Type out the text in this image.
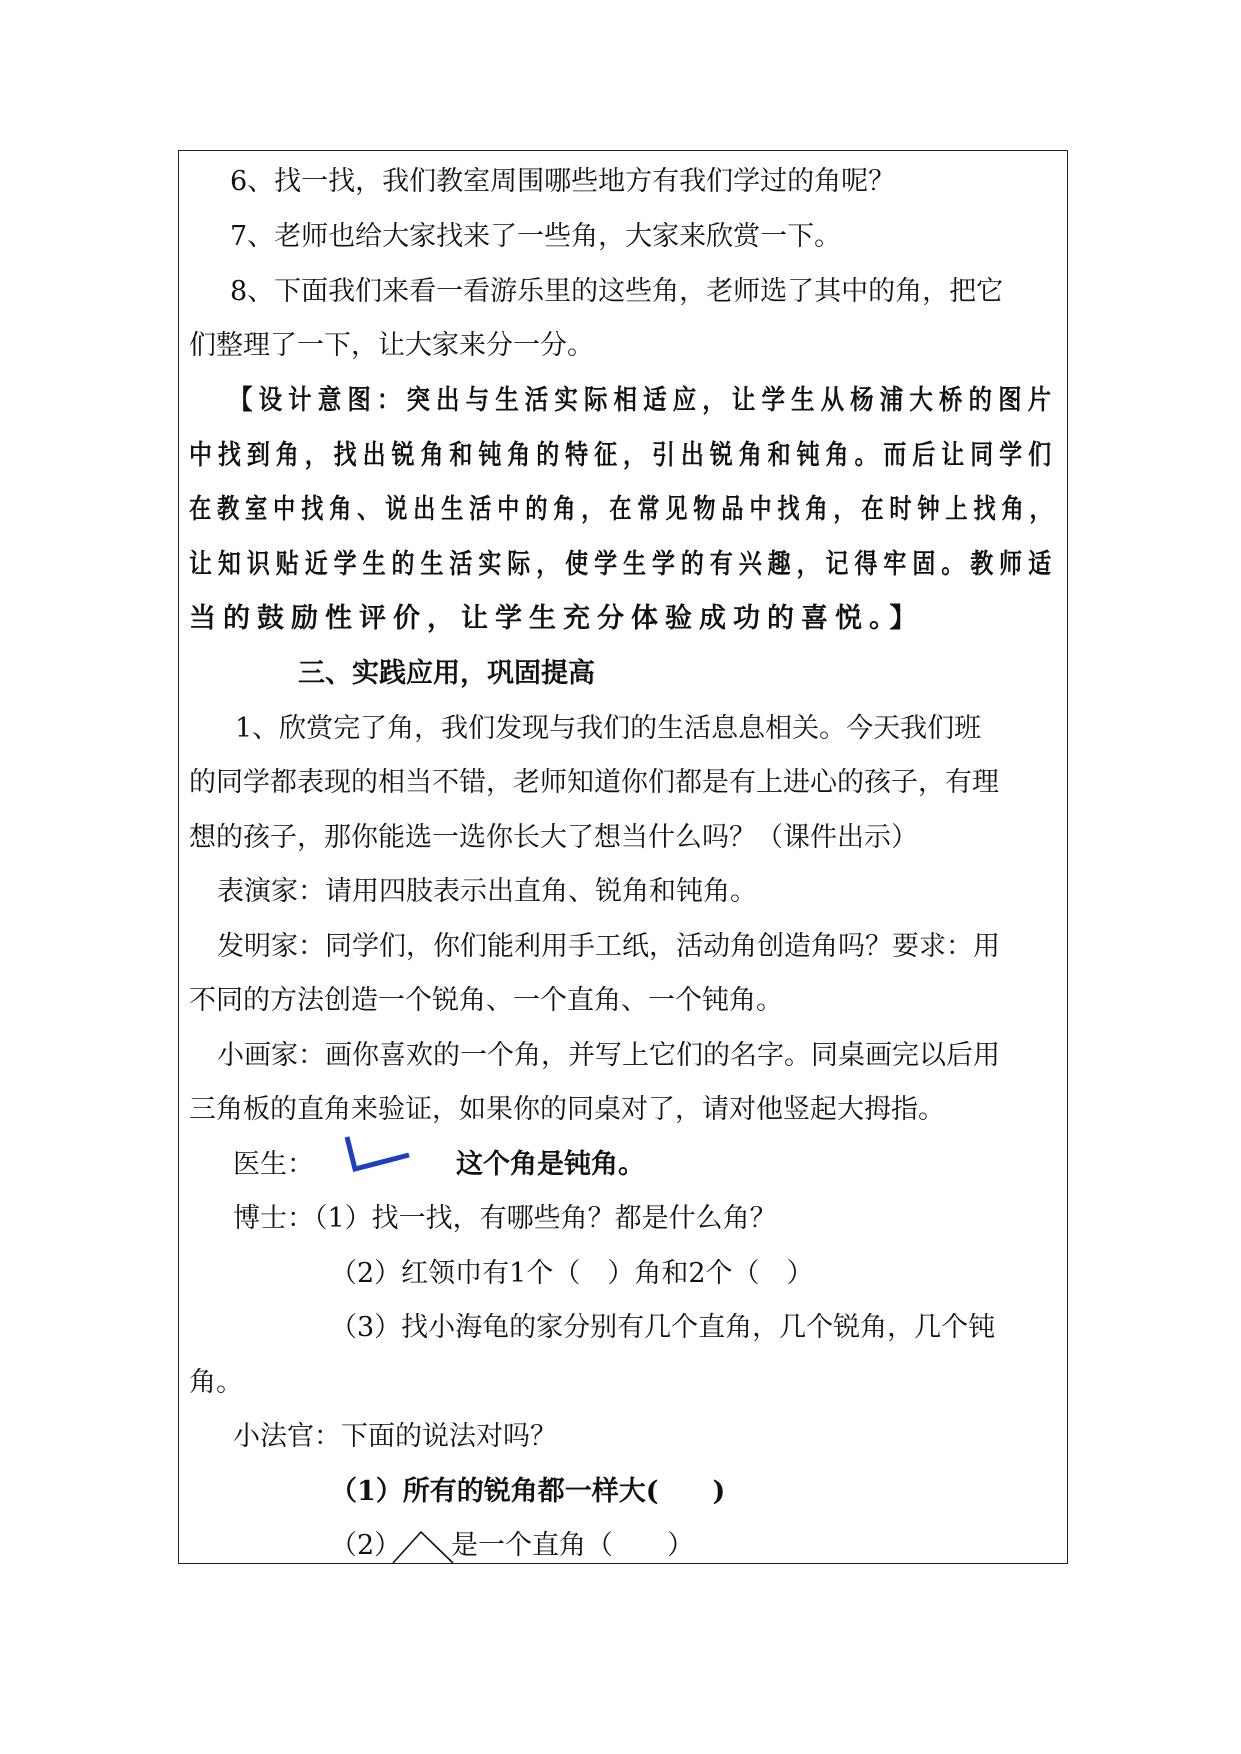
6、找一找，我们教室周围哪些地方有我们学过的角呢？
7、老师也给大家找来了一些角，大家来欣赏一下。
8、下面我们来看一看游乐里的这些角，老师选了其中的角，把它
们整理了一下，让大家来分一分。
【设计意图：突出与生活实际相适应，让学生从杨浦大桥的图片
中找到角，找出锐角和钝角的特征，引出锐角和钝角。而后让同学们
在教室中找角、说出生活中的角，在常见物品中找角，在时钟上找角，
让知识贴近学生的生活实际，使学生学的有兴趣，记得牢固。教师适
当的鼓励性评价，让学生充分体验成功的喜悦。】
三、实践应用，巩固提高
1、欣赏完了角，我们发现与我们的生活息息相关。今天我们班
的同学都表现的相当不错，老师知道你们都是有上进心的孩子，有理
想的孩子，那你能选一选你长大了想当什么吗？（课件出示）
表演家：请用四肢表示出直角、锐角和钝角。
发明家：同学们，你们能利用手工纸，活动角创造角吗？要求：用
不同的方法创造一个锐角、一个直角、一个钝角。
小画家：画你喜欢的一个角，并写上它们的名字。同桌画完以后用
三角板的直角来验证，如果你的同桌对了，请对他竖起大拇指。
医生：	这个角是钝角。
博士：（1）找一找，有哪些角？都是什么角？
（2）红领巾有1个（　）角和2个（　）
（3）找小海龟的家分别有几个直角，几个锐角，几个钝
角。
小法官：下面的说法对吗？
（1）所有的锐角都一样大(　　)
（2） 是一个直角（　　）
